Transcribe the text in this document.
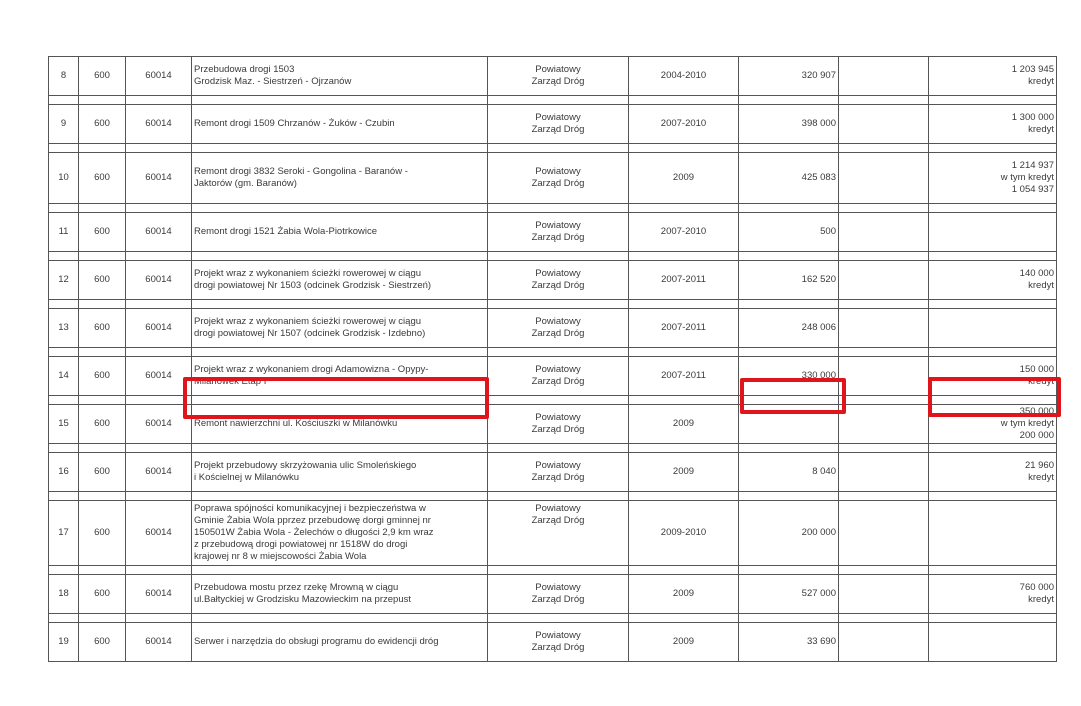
8	600	60014	Przebudowa drogi 1503
Grodzisk Maz. - Siestrzeń - Ojrzanów	Powiatowy
Zarząd Dróg	2004-2010	320 907		1 203 945
kredyt

9	600	60014	Remont drogi 1509 Chrzanów - Żuków - Czubin	Powiatowy
Zarząd Dróg	2007-2010	398 000		1 300 000
kredyt

10	600	60014	Remont drogi 3832 Seroki - Gongolina - Baranów -
Jaktorów (gm. Baranów)	Powiatowy
Zarząd Dróg	2009	425 083		1 214 937
w tym kredyt
1 054 937

11	600	60014	Remont drogi 1521 Żabia Wola-Piotrkowice	Powiatowy
Zarząd Dróg	2007-2010	500		

12	600	60014	Projekt wraz z wykonaniem ścieżki rowerowej w ciągu
drogi powiatowej Nr 1503 (odcinek Grodzisk - Siestrzeń)	Powiatowy
Zarząd Dróg	2007-2011	162 520		140 000
kredyt

13	600	60014	Projekt wraz z wykonaniem ścieżki rowerowej w ciągu
drogi powiatowej Nr 1507 (odcinek Grodzisk - Izdebno)	Powiatowy
Zarząd Dróg	2007-2011	248 006		

14	600	60014	Projekt wraz z wykonaniem drogi Adamowizna - Opypy-
Milanówek Etap I	Powiatowy
Zarząd Dróg	2007-2011	330 000		150 000
kredyt

15	600	60014	Remont nawierzchni ul. Kościuszki w Milanówku	Powiatowy
Zarząd Dróg	2009			350 000
w tym kredyt
200 000

16	600	60014	Projekt przebudowy skrzyżowania ulic Smoleńskiego
i Kościelnej w Milanówku	Powiatowy
Zarząd Dróg	2009	8 040		21 960
kredyt

17	600	60014	Poprawa spójności komunikacyjnej i bezpieczeństwa w
Gminie Żabia Wola pprzez przebudowę dorgi gminnej nr
150501W Żabia Wola - Żelechów o długości 2,9 km wraz
z przebudową drogi powiatowej nr 1518W do drogi
krajowej nr 8 w miejscowości Żabia Wola	Powiatowy
Zarząd Dróg	2009-2010	200 000		

18	600	60014	Przebudowa mostu przez rzekę Mrowną w ciągu
ul.Bałtyckiej w Grodzisku Mazowieckim na przepust	Powiatowy
Zarząd Dróg	2009	527 000		760 000
kredyt

19	600	60014	Serwer i narzędzia do obsługi programu do ewidencji dróg	Powiatowy
Zarząd Dróg	2009	33 690		
